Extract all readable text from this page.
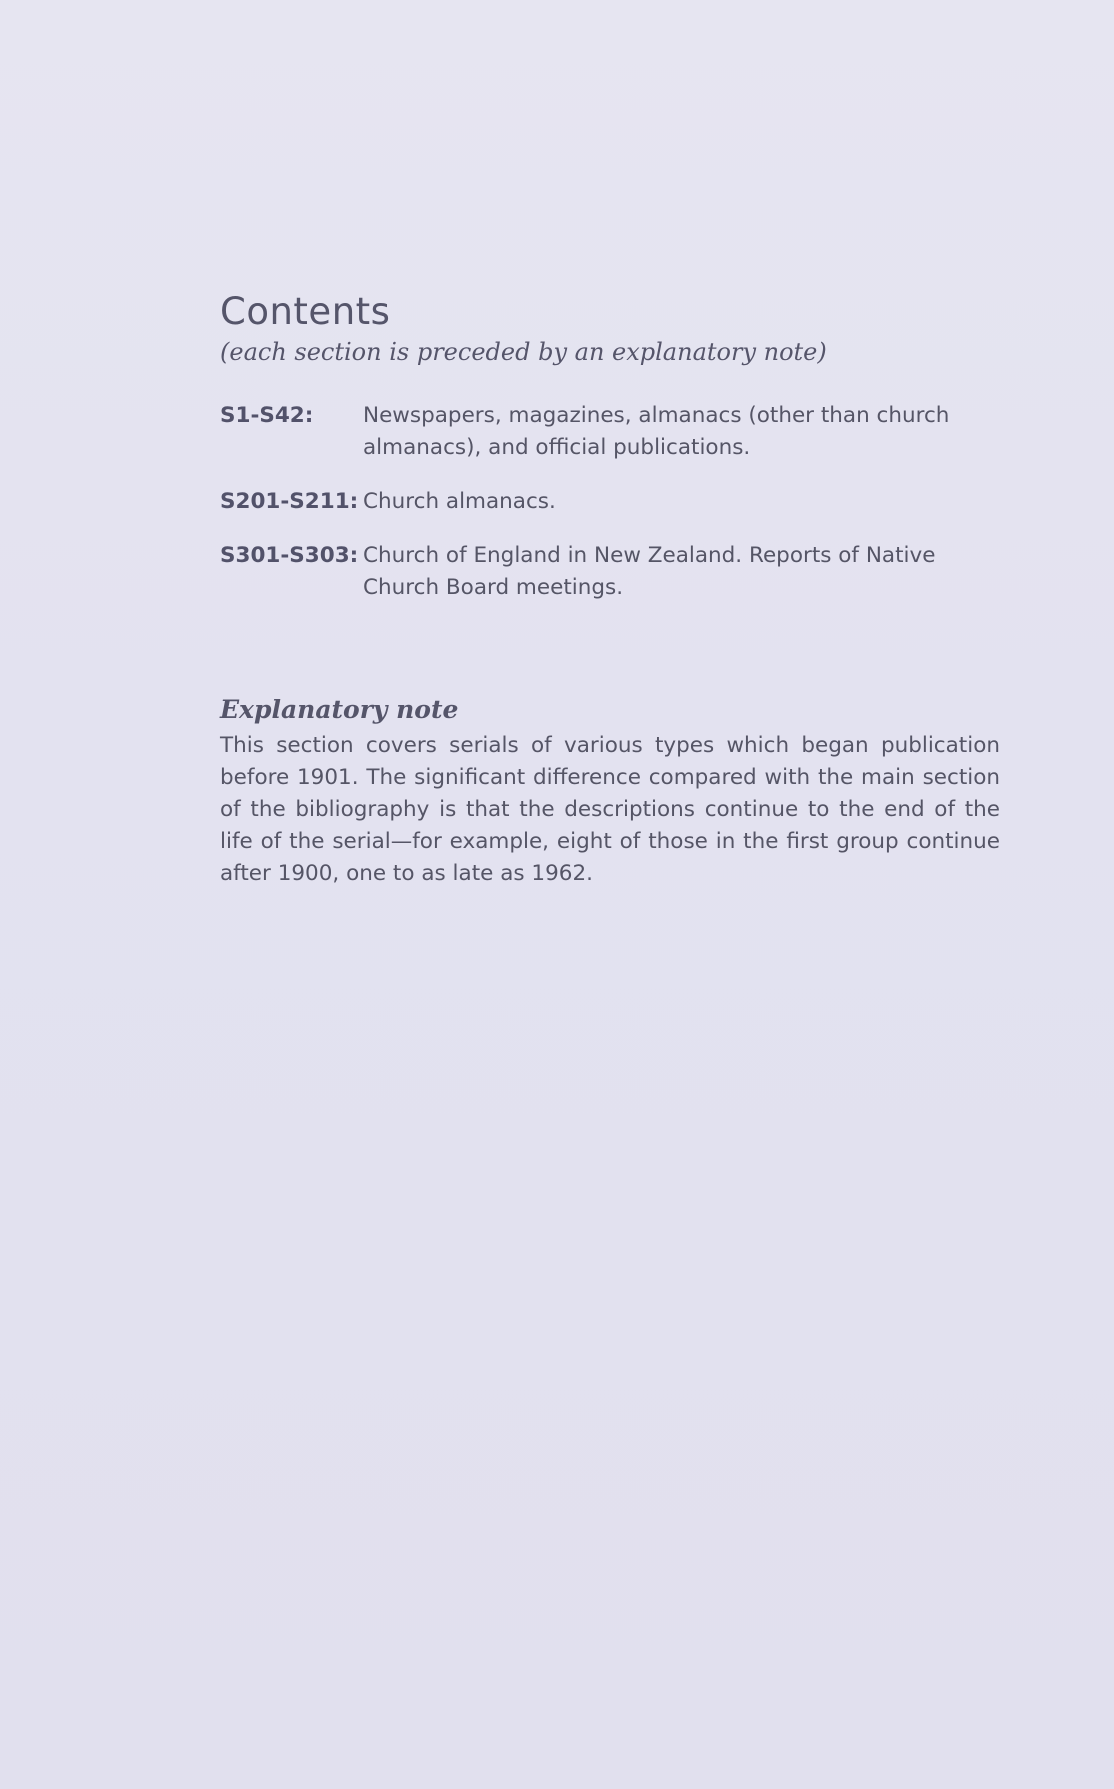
Contents

(each section is preceded by an explanatory note)

S1-S42:	Newspapers, magazines, almanacs (other than church almanacs), and official publications.
S201-S211: Church almanacs.
S301-S303: Church of England in New Zealand. Reports of Native Church Board meetings.
Explanatory note

This section covers serials of various types which began publication before 1901. The significant difference compared with the main section of the bibliography is that the descriptions continue to the end of the life of the serial—for example, eight of those in the first group continue after 1900, one to as late as 1962.
